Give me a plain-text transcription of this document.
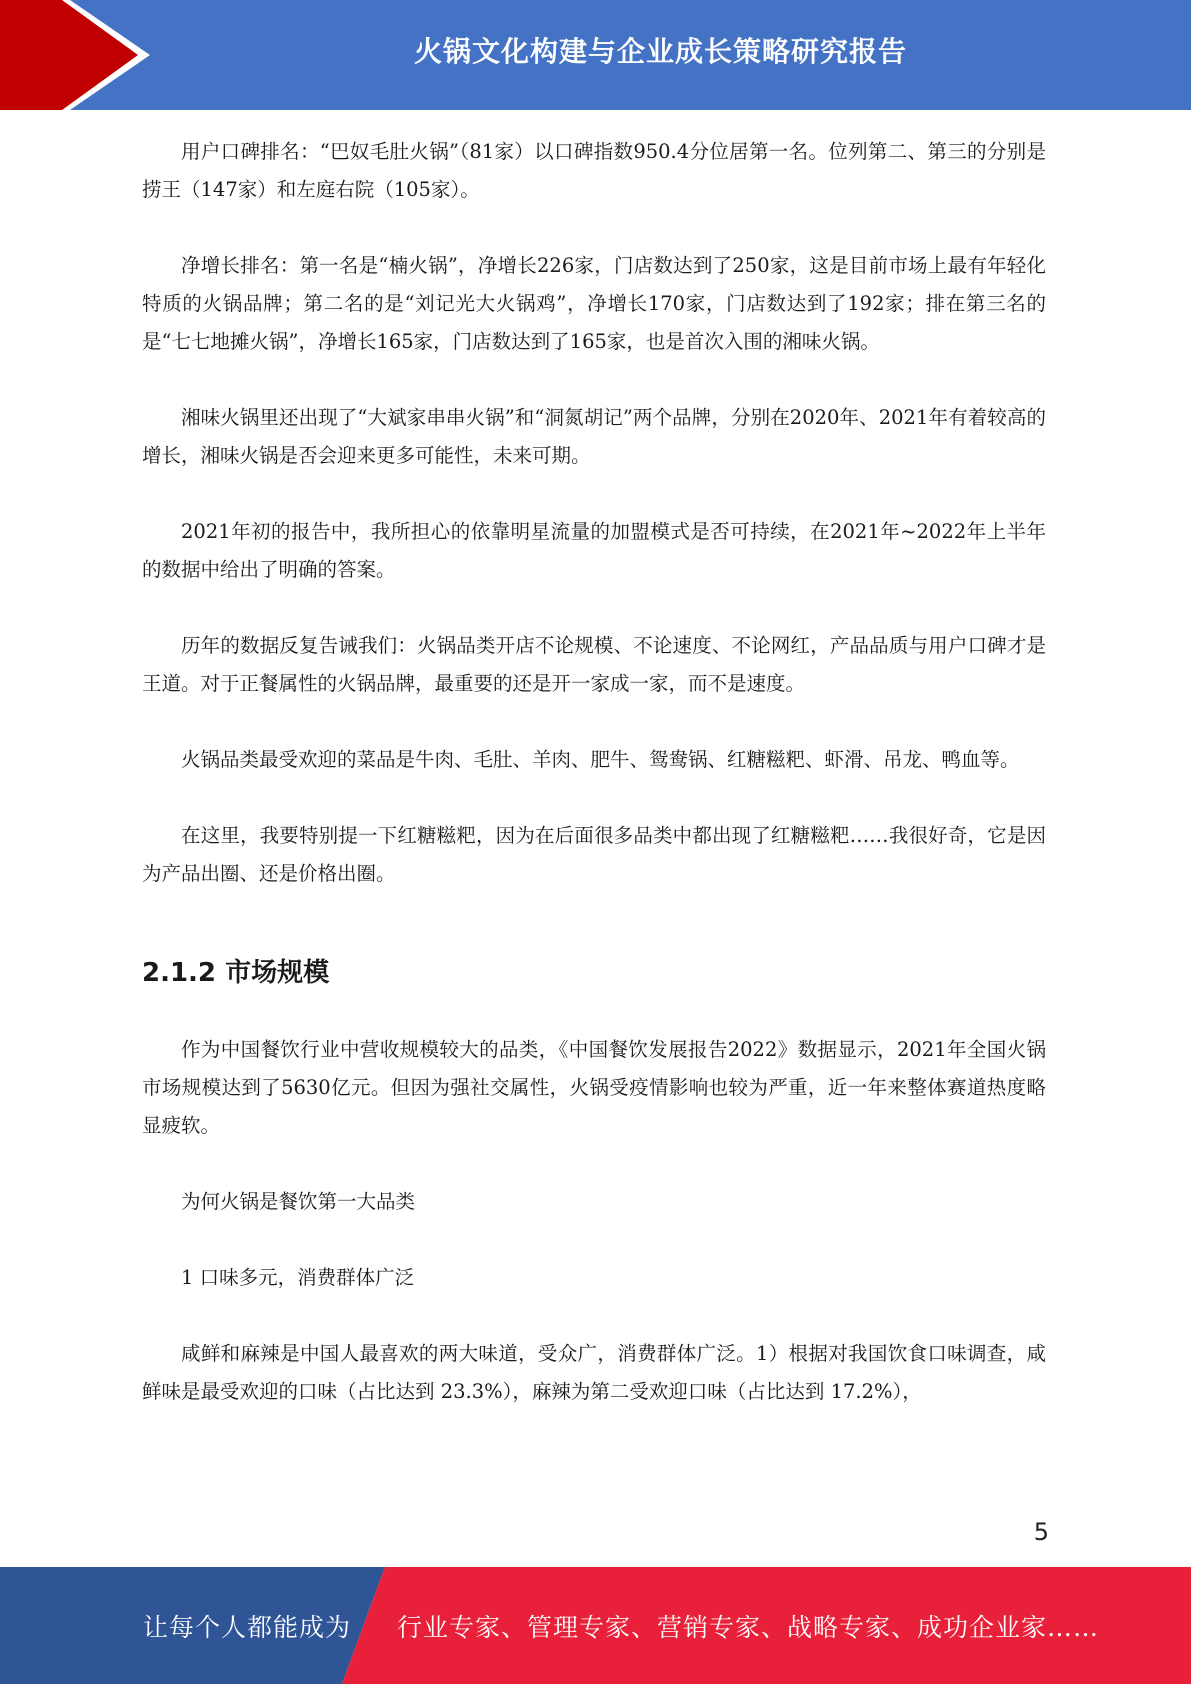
火锅文化构建与企业成长策略研究报告

用户口碑排名：“巴奴毛肚火锅”（81家）以口碑指数950.4分位居第一名。位列第二、第三的分别是捞王（147家）和左庭右院（105家）。

净增长排名：第一名是“楠火锅”，净增长226家，门店数达到了250家，这是目前市场上最有年轻化特质的火锅品牌；第二名的是“刘记光大火锅鸡”，净增长170家，门店数达到了192家；排在第三名的是“七七地摊火锅”，净增长165家，门店数达到了165家，也是首次入围的湘味火锅。

湘味火锅里还出现了“大斌家串串火锅”和“洞氮胡记”两个品牌，分别在2020年、2021年有着较高的增长，湘味火锅是否会迎来更多可能性，未来可期。

2021年初的报告中，我所担心的依靠明星流量的加盟模式是否可持续，在2021年~2022年上半年的数据中给出了明确的答案。

历年的数据反复告诫我们：火锅品类开店不论规模、不论速度、不论网红，产品品质与用户口碑才是王道。对于正餐属性的火锅品牌，最重要的还是开一家成一家，而不是速度。

火锅品类最受欢迎的菜品是牛肉、毛肚、羊肉、肥牛、鸳鸯锅、红糖糍粑、虾滑、吊龙、鸭血等。

在这里，我要特别提一下红糖糍粑，因为在后面很多品类中都出现了红糖糍粑……我很好奇，它是因为产品出圈、还是价格出圈。

2.1.2 市场规模

作为中国餐饮行业中营收规模较大的品类，《中国餐饮发展报告2022》数据显示，2021年全国火锅市场规模达到了5630亿元。但因为强社交属性，火锅受疫情影响也较为严重，近一年来整体赛道热度略显疲软。

为何火锅是餐饮第一大品类

1 口味多元，消费群体广泛

咸鲜和麻辣是中国人最喜欢的两大味道，受众广，消费群体广泛。1）根据对我国饮食口味调查，咸鲜味是最受欢迎的口味（占比达到 23.3%），麻辣为第二受欢迎口味（占比达到 17.2%），

5
让每个人都能成为 行业专家、管理专家、营销专家、战略专家、成功企业家……
